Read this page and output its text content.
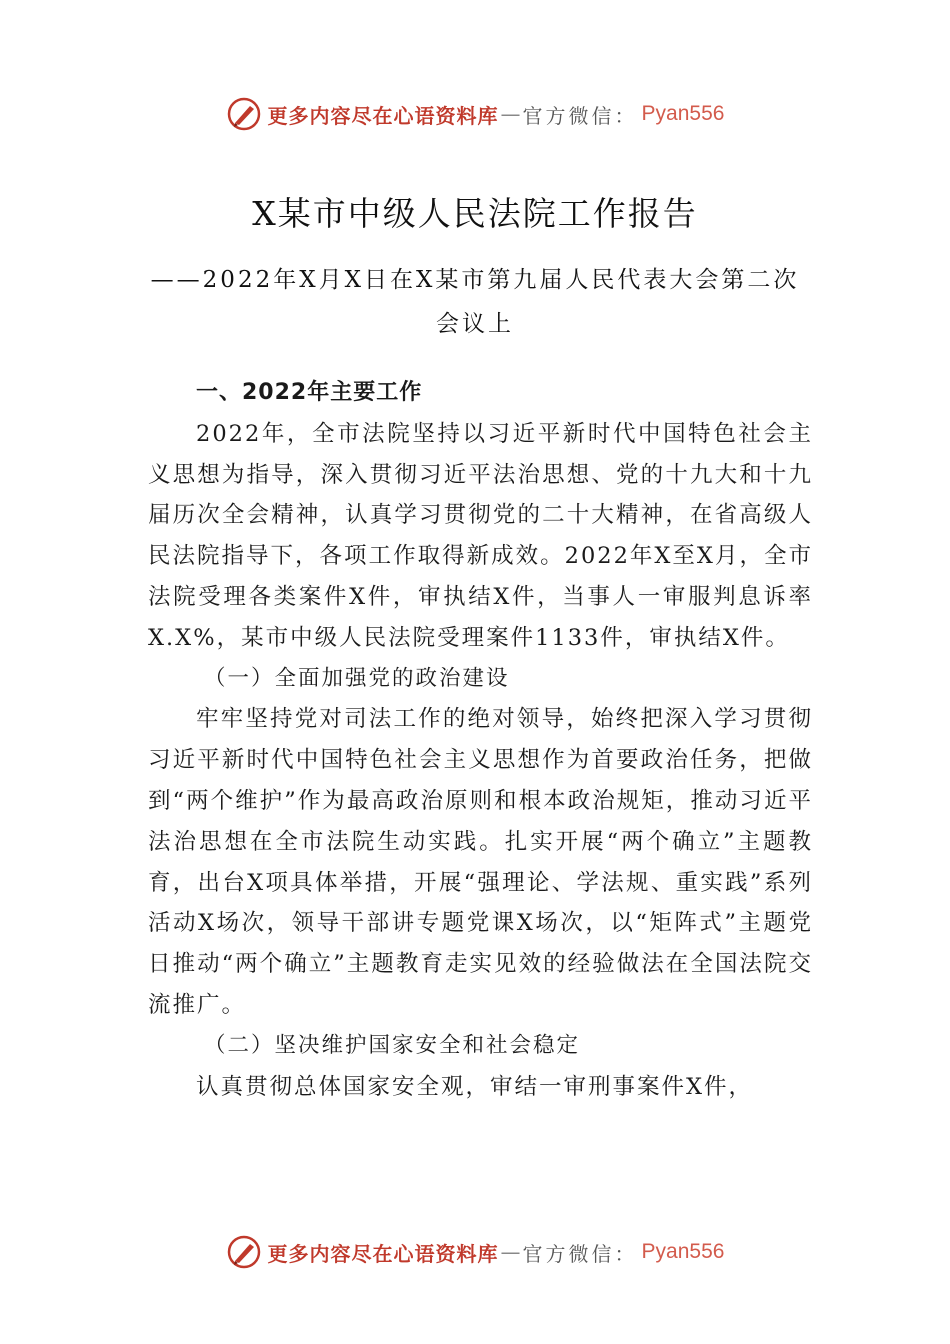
更多内容尽在心语资料库 — 官方微信： Pyan556
X某市中级人民法院工作报告
——2022年X月X日在X某市第九届人民代表大会第二次会议上

一、2022年主要工作

2022年，全市法院坚持以习近平新时代中国特色社会主义思想为指导，深入贯彻习近平法治思想、党的十九大和十九届历次全会精神，认真学习贯彻党的二十大精神，在省高级人民法院指导下，各项工作取得新成效。2022年X至X月，全市法院受理各类案件X件，审执结X件，当事人一审服判息诉率X.X%，某市中级人民法院受理案件1133件，审执结X件。

（一）全面加强党的政治建设

牢牢坚持党对司法工作的绝对领导，始终把深入学习贯彻习近平新时代中国特色社会主义思想作为首要政治任务，把做到“两个维护”作为最高政治原则和根本政治规矩，推动习近平法治思想在全市法院生动实践。扎实开展“两个确立”主题教育，出台X项具体举措，开展“强理论、学法规、重实践”系列活动X场次，领导干部讲专题党课X场次，以“矩阵式”主题党日推动“两个确立”主题教育走实见效的经验做法在全国法院交流推广。

（二）坚决维护国家安全和社会稳定

认真贯彻总体国家安全观，审结一审刑事案件X件，

更多内容尽在心语资料库 — 官方微信： Pyan556
